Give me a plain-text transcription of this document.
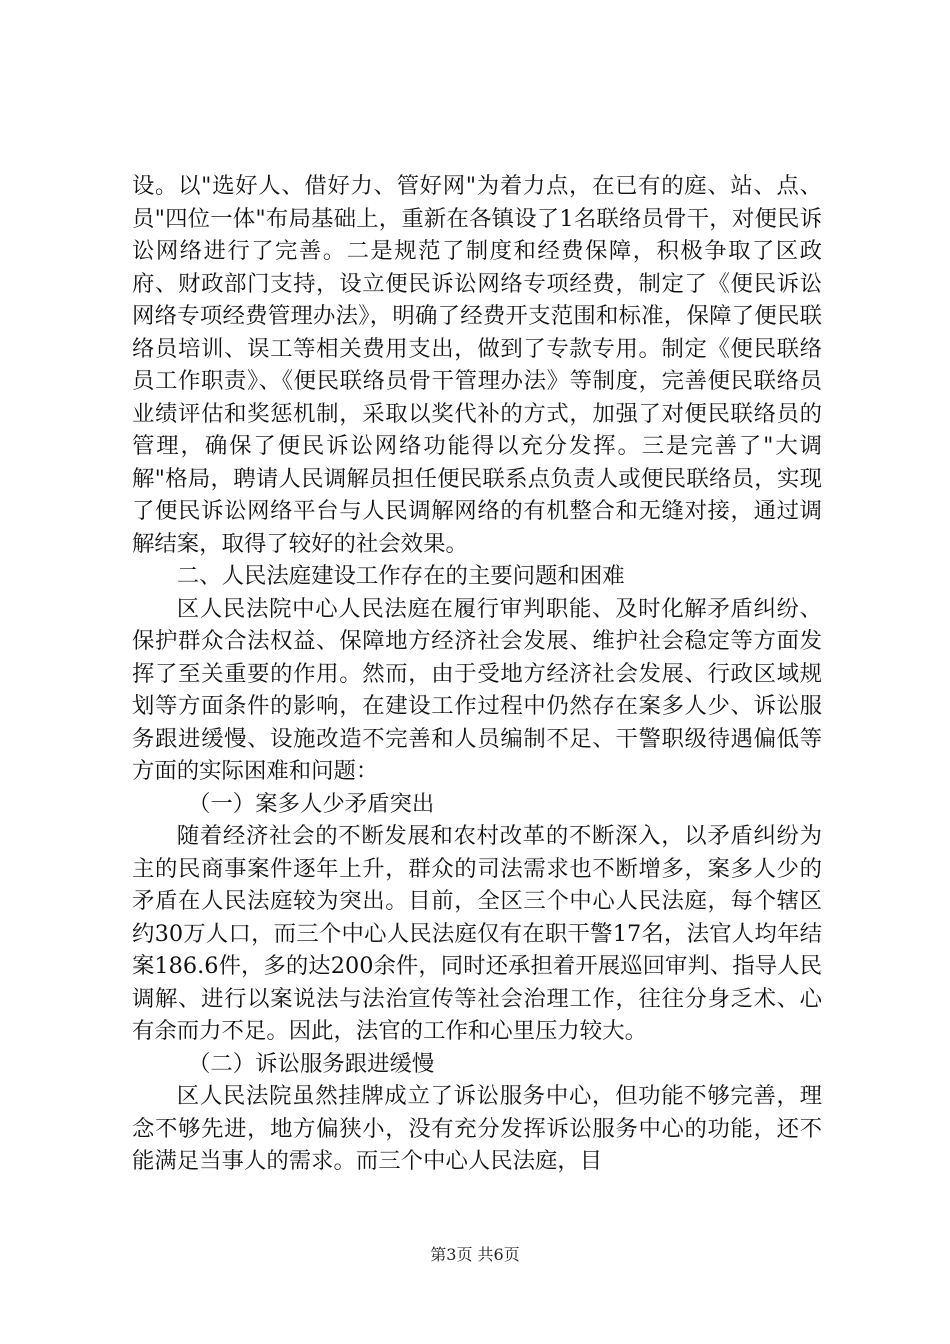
设。以"选好人、借好力、管好网"为着力点，在已有的庭、站、点、员"四位一体"布局基础上，重新在各镇设了1名联络员骨干，对便民诉讼网络进行了完善。二是规范了制度和经费保障，积极争取了区政府、财政部门支持，设立便民诉讼网络专项经费，制定了《便民诉讼网络专项经费管理办法》，明确了经费开支范围和标准，保障了便民联络员培训、误工等相关费用支出，做到了专款专用。制定《便民联络员工作职责》、《便民联络员骨干管理办法》等制度，完善便民联络员业绩评估和奖惩机制，采取以奖代补的方式，加强了对便民联络员的管理，确保了便民诉讼网络功能得以充分发挥。三是完善了"大调解"格局，聘请人民调解员担任便民联系点负责人或便民联络员，实现了便民诉讼网络平台与人民调解网络的有机整合和无缝对接，通过调解结案，取得了较好的社会效果。

二、人民法庭建设工作存在的主要问题和困难

区人民法院中心人民法庭在履行审判职能、及时化解矛盾纠纷、保护群众合法权益、保障地方经济社会发展、维护社会稳定等方面发挥了至关重要的作用。然而，由于受地方经济社会发展、行政区域规划等方面条件的影响，在建设工作过程中仍然存在案多人少、诉讼服务跟进缓慢、设施改造不完善和人员编制不足、干警职级待遇偏低等方面的实际困难和问题：

（一）案多人少矛盾突出

随着经济社会的不断发展和农村改革的不断深入，以矛盾纠纷为主的民商事案件逐年上升，群众的司法需求也不断增多，案多人少的矛盾在人民法庭较为突出。目前，全区三个中心人民法庭，每个辖区约30万人口，而三个中心人民法庭仅有在职干警17名，法官人均年结案186.6件，多的达200余件，同时还承担着开展巡回审判、指导人民调解、进行以案说法与法治宣传等社会治理工作，往往分身乏术、心有余而力不足。因此，法官的工作和心里压力较大。

（二）诉讼服务跟进缓慢

区人民法院虽然挂牌成立了诉讼服务中心，但功能不够完善，理念不够先进，地方偏狭小，没有充分发挥诉讼服务中心的功能，还不能满足当事人的需求。而三个中心人民法庭，目

第3页 共6页
